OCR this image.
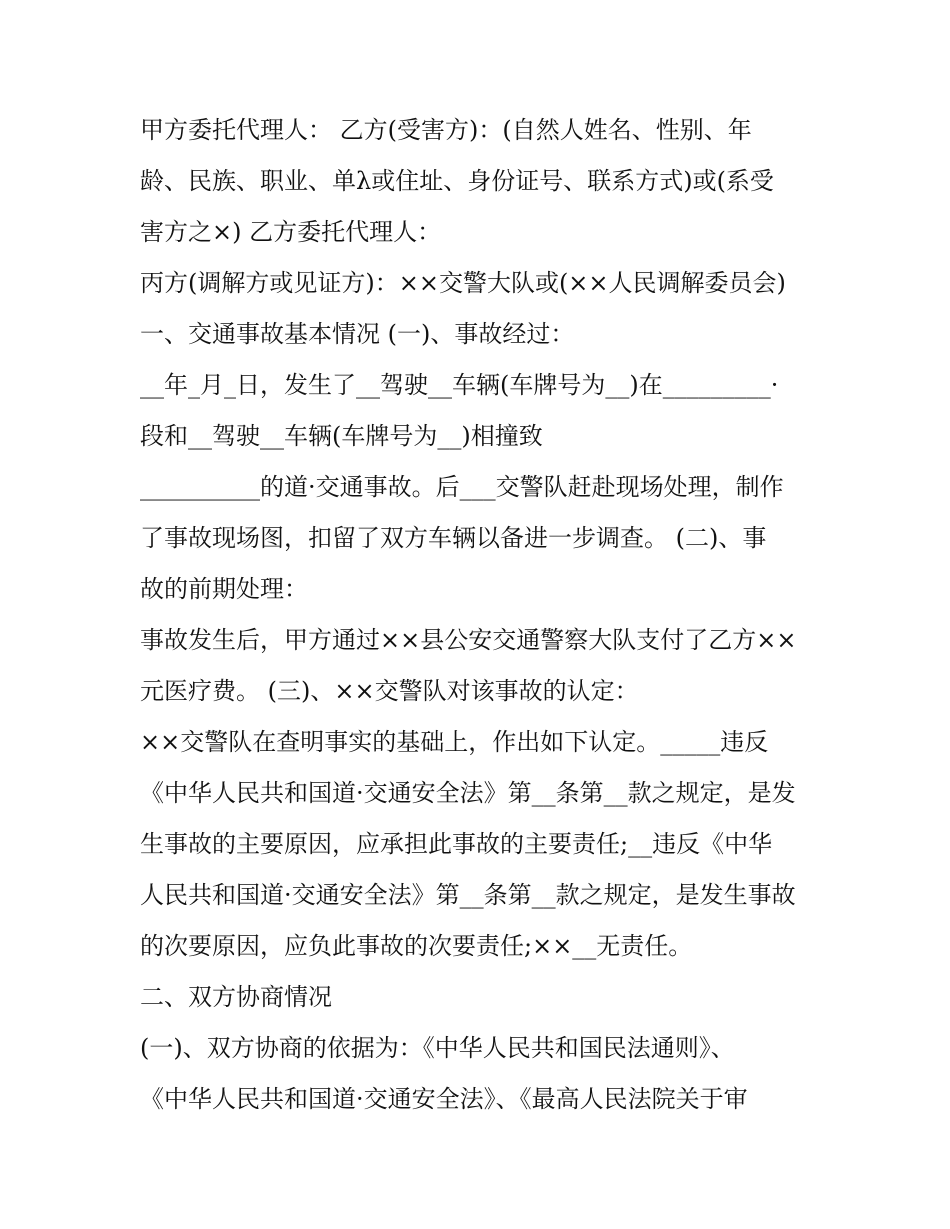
甲方委托代理人： 乙方(受害方)：(自然人姓名、性别、年
龄、民族、职业、单λ或住址、身份证号、联系方式)或(系受
害方之×) 乙方委托代理人：
丙方(调解方或见证方)：××交警大队或(××人民调解委员会)
一、交通事故基本情况 (一)、事故经过：
__年_月_日，发生了__驾驶__车辆(车牌号为__)在_________·
段和__驾驶__车辆(车牌号为__)相撞致
__________的道·交通事故。后___交警队赶赴现场处理，制作
了事故现场图，扣留了双方车辆以备进一步调查。 (二)、事
故的前期处理：
事故发生后，甲方通过××县公安交通警察大队支付了乙方××
元医疗费。 (三)、××交警队对该事故的认定：
××交警队在查明事实的基础上，作出如下认定。_____违反
《中华人民共和国道·交通安全法》第__条第__款之规定，是发
生事故的主要原因，应承担此事故的主要责任;__违反《中华
人民共和国道·交通安全法》第__条第__款之规定，是发生事故
的次要原因，应负此事故的次要责任;××__无责任。
二、双方协商情况
(一)、双方协商的依据为：《中华人民共和国民法通则》、
《中华人民共和国道·交通安全法》、《最高人民法院关于审
